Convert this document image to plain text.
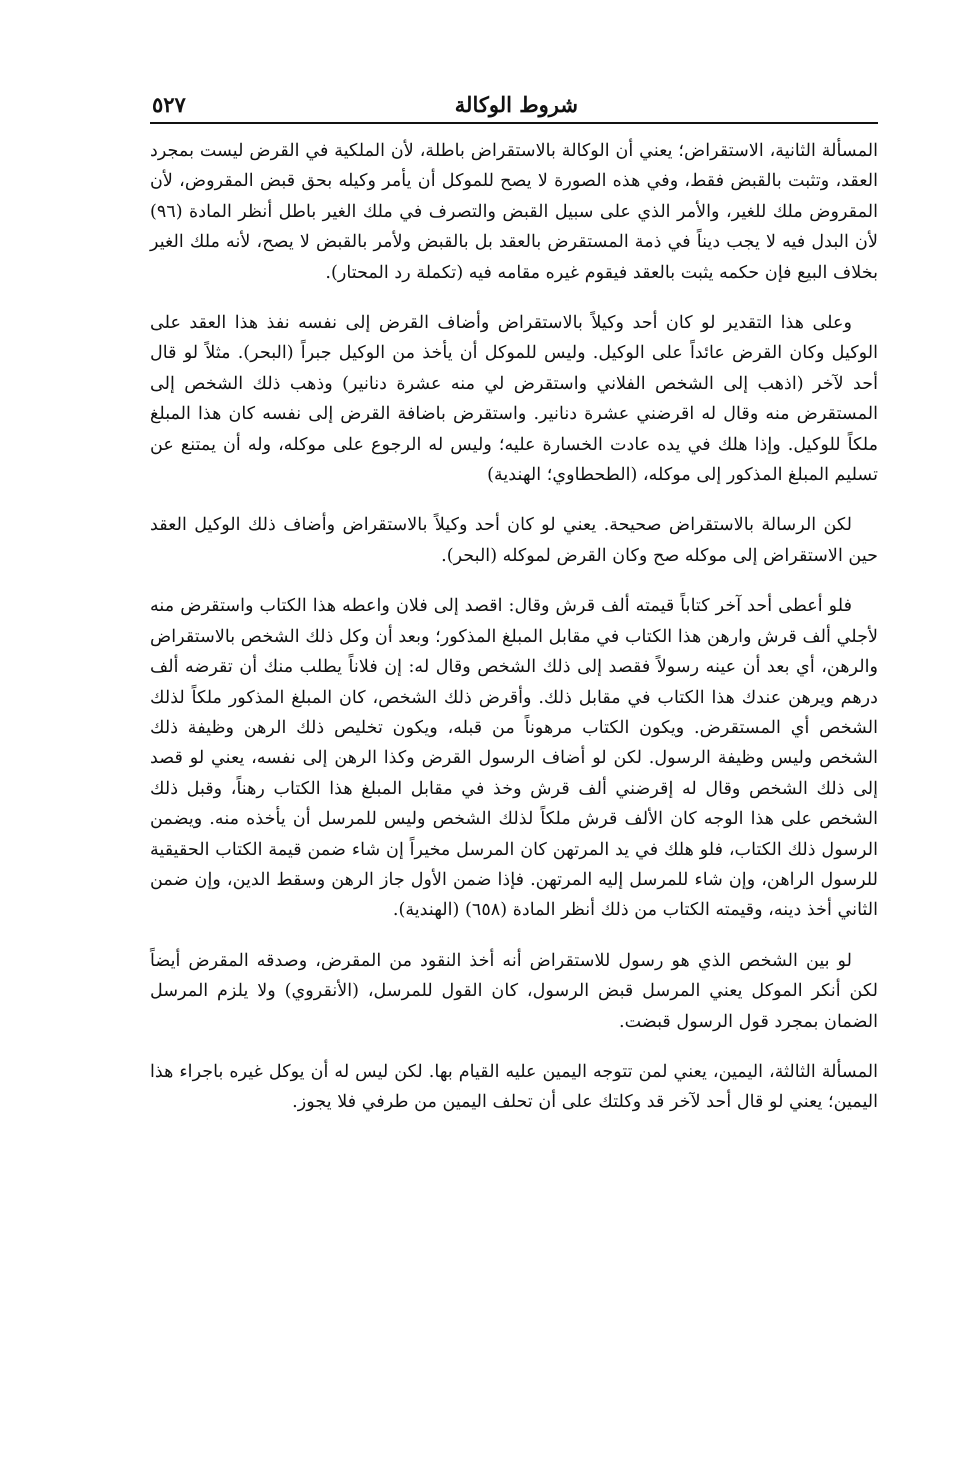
شروط الوكالة
٥٢٧

المسألة الثانية، الاستقراض؛ يعني أن الوكالة بالاستقراض باطلة، لأن الملكية في القرض ليست بمجرد العقد، وتثبت بالقبض فقط، وفي هذه الصورة لا يصح للموكل أن يأمر وكيله بحق قبض المقروض، لأن المقروض ملك للغير، والأمر الذي على سبيل القبض والتصرف في ملك الغير باطل أنظر المادة (٩٦) لأن البدل فيه لا يجب ديناً في ذمة المستقرض بالعقد بل بالقبض ولأمر بالقبض لا يصح، لأنه ملك الغير بخلاف البيع فإن حكمه يثبت بالعقد فيقوم غيره مقامه فيه (تكملة رد المحتار).

وعلى هذا التقدير لو كان أحد وكيلاً بالاستقراض وأضاف القرض إلى نفسه نفذ هذا العقد على الوكيل وكان القرض عائداً على الوكيل. وليس للموكل أن يأخذ من الوكيل جبراً (البحر). مثلاً لو قال أحد لآخر (اذهب إلى الشخص الفلاني واستقرض لي منه عشرة دنانير) وذهب ذلك الشخص إلى المستقرض منه وقال له اقرضني عشرة دنانير. واستقرض باضافة القرض إلى نفسه كان هذا المبلغ ملكاً للوكيل. وإذا هلك في يده عادت الخسارة عليه؛ وليس له الرجوع على موكله، وله أن يمتنع عن تسليم المبلغ المذكور إلى موكله، (الطحطاوي؛ الهندية)

لكن الرسالة بالاستقراض صحيحة. يعني لو كان أحد وكيلاً بالاستقراض وأضاف ذلك الوكيل العقد حين الاستقراض إلى موكله صح وكان القرض لموكله (البحر).

فلو أعطى أحد آخر كتاباً قيمته ألف قرش وقال: اقصد إلى فلان واعطه هذا الكتاب واستقرض منه لأجلي ألف قرش وارهن هذا الكتاب في مقابل المبلغ المذكور؛ وبعد أن وكل ذلك الشخص بالاستقراض والرهن، أي بعد أن عينه رسولاً فقصد إلى ذلك الشخص وقال له: إن فلاناً يطلب منك أن تقرضه ألف درهم ويرهن عندك هذا الكتاب في مقابل ذلك. وأقرض ذلك الشخص، كان المبلغ المذكور ملكاً لذلك الشخص أي المستقرض. ويكون الكتاب مرهوناً من قبله، ويكون تخليص ذلك الرهن وظيفة ذلك الشخص وليس وظيفة الرسول. لكن لو أضاف الرسول القرض وكذا الرهن إلى نفسه، يعني لو قصد إلى ذلك الشخص وقال له إقرضني ألف قرش وخذ في مقابل المبلغ هذا الكتاب رهناً، وقبل ذلك الشخص على هذا الوجه كان الألف قرش ملكاً لذلك الشخص وليس للمرسل أن يأخذه منه. ويضمن الرسول ذلك الكتاب، فلو هلك في يد المرتهن كان المرسل مخيراً إن شاء ضمن قيمة الكتاب الحقيقية للرسول الراهن، وإن شاء للمرسل إليه المرتهن. فإذا ضمن الأول جاز الرهن وسقط الدين، وإن ضمن الثاني أخذ دينه، وقيمته الكتاب من ذلك أنظر المادة (٦٥٨) (الهندية).

لو بين الشخص الذي هو رسول للاستقراض أنه أخذ النقود من المقرض، وصدقه المقرض أيضاً لكن أنكر الموكل يعني المرسل قبض الرسول، كان القول للمرسل، (الأنقروي) ولا يلزم المرسل الضمان بمجرد قول الرسول قبضت.

المسألة الثالثة، اليمين، يعني لمن تتوجه اليمين عليه القيام بها. لكن ليس له أن يوكل غيره باجراء هذا اليمين؛ يعني لو قال أحد لآخر قد وكلتك على أن تحلف اليمين من طرفي فلا يجوز.
